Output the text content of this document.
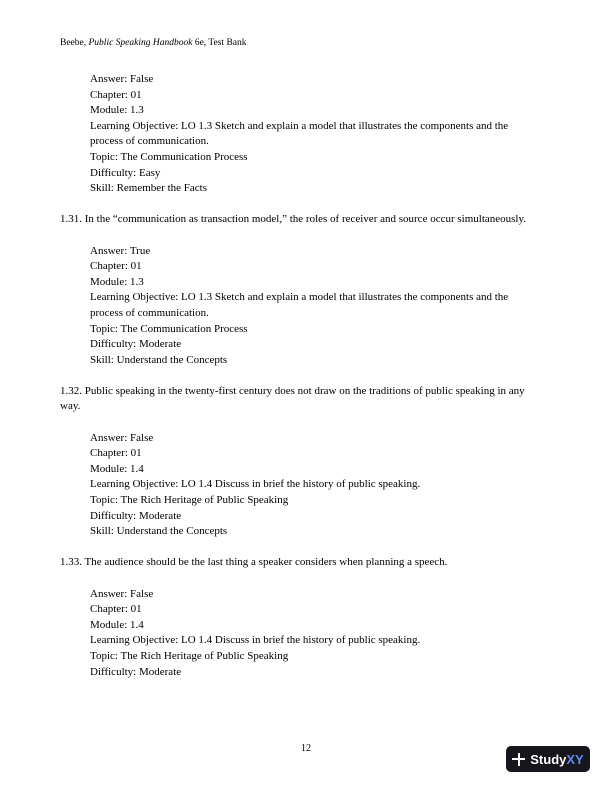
Beebe, Public Speaking Handbook 6e, Test Bank
Answer: False
Chapter: 01
Module: 1.3
Learning Objective: LO 1.3 Sketch and explain a model that illustrates the components and the process of communication.
Topic: The Communication Process
Difficulty: Easy
Skill: Remember the Facts
1.31. In the “communication as transaction model,” the roles of receiver and source occur simultaneously.
Answer: True
Chapter: 01
Module: 1.3
Learning Objective: LO 1.3 Sketch and explain a model that illustrates the components and the process of communication.
Topic: The Communication Process
Difficulty: Moderate
Skill: Understand the Concepts
1.32. Public speaking in the twenty-first century does not draw on the traditions of public speaking in any way.
Answer: False
Chapter: 01
Module: 1.4
Learning Objective: LO 1.4 Discuss in brief the history of public speaking.
Topic: The Rich Heritage of Public Speaking
Difficulty: Moderate
Skill: Understand the Concepts
1.33. The audience should be the last thing a speaker considers when planning a speech.
Answer: False
Chapter: 01
Module: 1.4
Learning Objective: LO 1.4 Discuss in brief the history of public speaking.
Topic: The Rich Heritage of Public Speaking
Difficulty: Moderate
12
Study XY
